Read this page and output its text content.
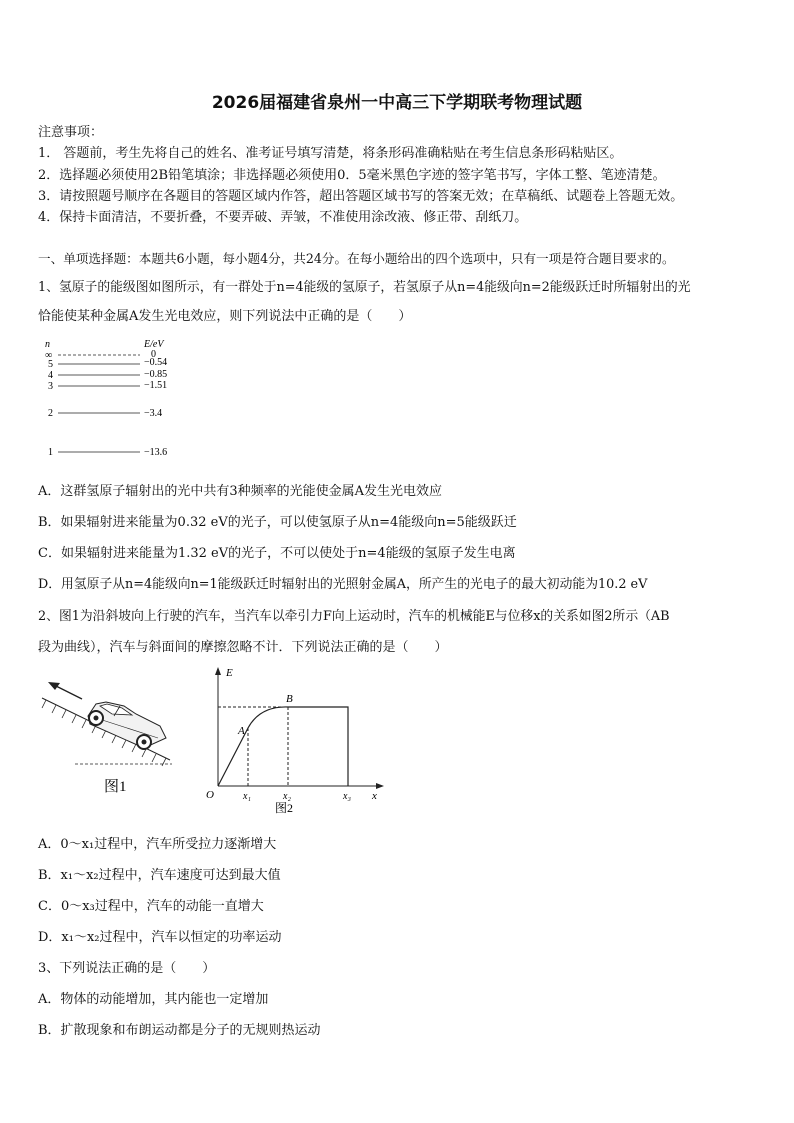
2026届福建省泉州一中高三下学期联考物理试题
注意事项：
1． 答题前，考生先将自己的姓名、准考证号填写清楚，将条形码准确粘贴在考生信息条形码粘贴区。
2．选择题必须使用2B铅笔填涂；非选择题必须使用0．5毫米黑色字迹的签字笔书写，字体工整、笔迹清楚。
3．请按照题号顺序在各题目的答题区域内作答，超出答题区域书写的答案无效；在草稿纸、试题卷上答题无效。
4．保持卡面清洁，不要折叠，不要弄破、弄皱，不准使用涂改液、修正带、刮纸刀。
一、单项选择题：本题共6小题，每小题4分，共24分。在每小题给出的四个选项中，只有一项是符合题目要求的。
1、氢原子的能级图如图所示，有一群处于n=4能级的氢原子，若氢原子从n=4能级向n=2能级跃迁时所辐射出的光
恰能使某种金属A发生光电效应，则下列说法中正确的是（　　）
n	E/eV
∞
5
4
3
2
1
0
−0.54
−0.85
−1.51
−3.4
−13.6
A．这群氢原子辐射出的光中共有3种频率的光能使金属A发生光电效应
B．如果辐射进来能量为0.32 eV的光子，可以使氢原子从n=4能级向n=5能级跃迁
C．如果辐射进来能量为1.32 eV的光子，不可以使处于n=4能级的氢原子发生电离
D．用氢原子从n=4能级向n=1能级跃迁时辐射出的光照射金属A，所产生的光电子的最大初动能为10.2 eV
2、图1为沿斜坡向上行驶的汽车，当汽车以牵引力F向上运动时，汽车的机械能E与位移x的关系如图2所示（AB
段为曲线），汽车与斜面间的摩擦忽略不计．下列说法正确的是（　　）
图1
E
x
O
A
B
x₁	x₂	x₃
图2
A．0～x₁过程中，汽车所受拉力逐渐增大
B．x₁～x₂过程中，汽车速度可达到最大值
C．0～x₃过程中，汽车的动能一直增大
D．x₁～x₂过程中，汽车以恒定的功率运动
3、下列说法正确的是（　　）
A．物体的动能增加，其内能也一定增加
B．扩散现象和布朗运动都是分子的无规则热运动
